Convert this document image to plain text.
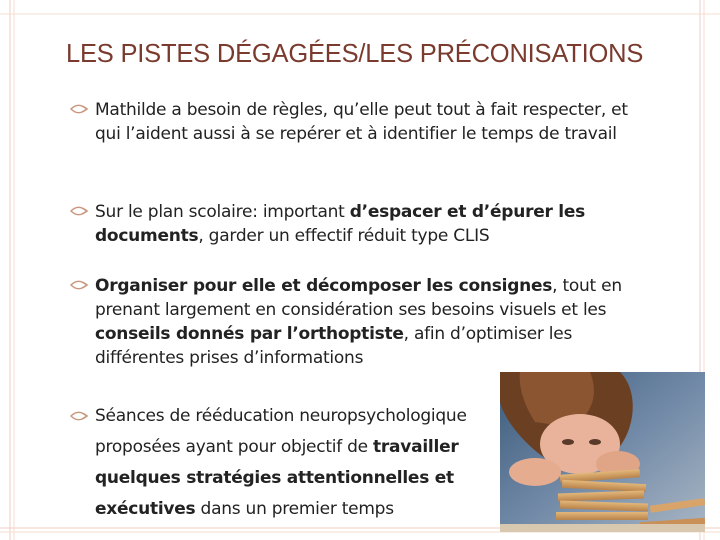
LES PISTES DÉGAGÉES/LES PRÉCONISATIONS
Mathilde a besoin de règles, qu’elle peut tout à fait respecter, et qui l’aident aussi à se repérer et à identifier le temps de travail
Sur le plan scolaire: important d’espacer et d’épurer les documents, garder un effectif réduit type CLIS
Organiser pour elle et décomposer les consignes, tout en prenant largement en considération ses besoins visuels et les conseils donnés par l’orthoptiste, afin d’optimiser les différentes prises d’informations
Séances de rééducation neuropsychologique proposées ayant pour objectif de travailler quelques stratégies attentionnelles et exécutives dans un premier temps
